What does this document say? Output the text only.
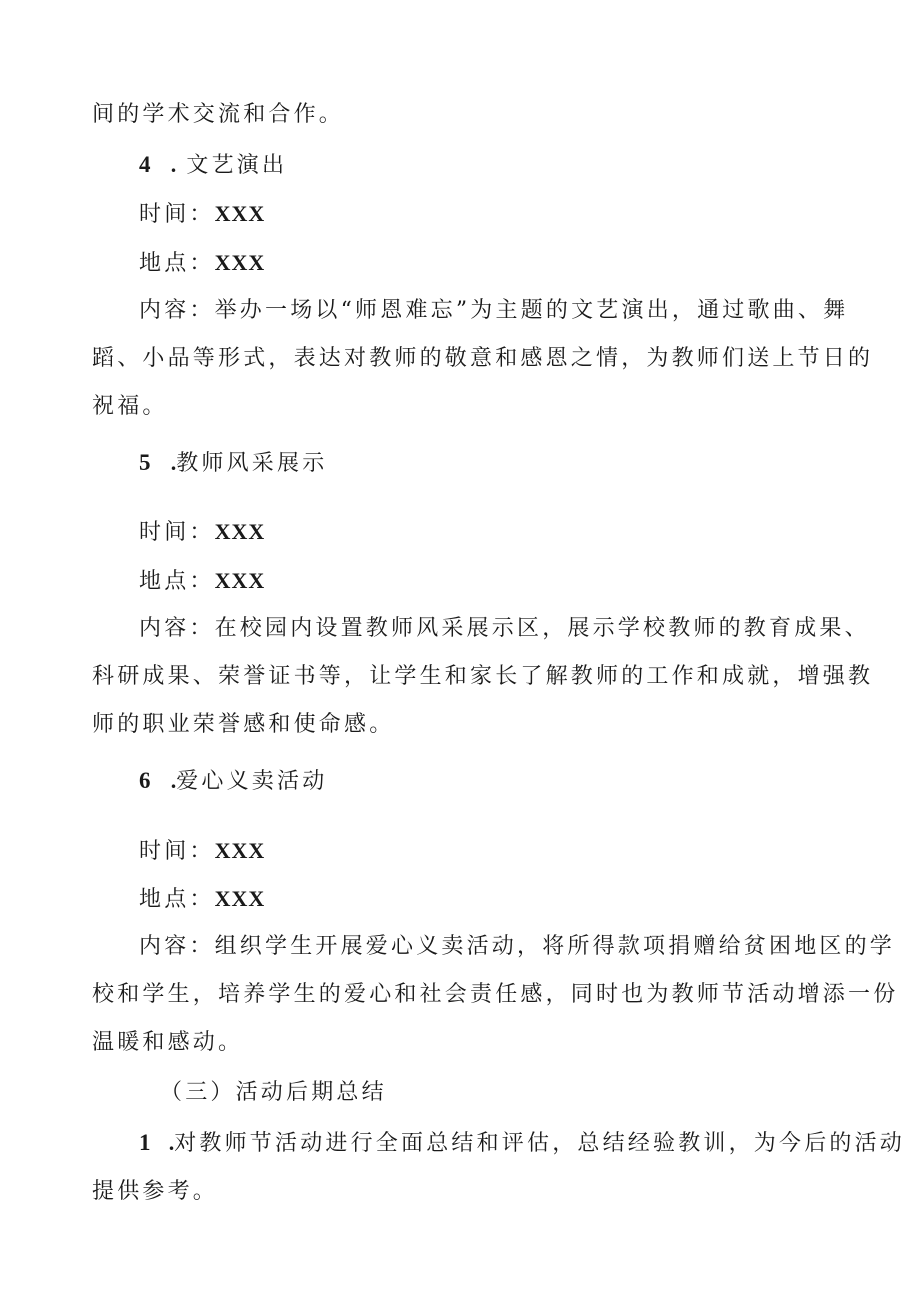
间的学术交流和合作。
4 . 文艺演出
时间：XXX
地点：XXX
内容：举办一场以“师恩难忘”为主题的文艺演出，通过歌曲、舞
蹈、小品等形式，表达对教师的敬意和感恩之情，为教师们送上节日的
祝福。
5 .教师风采展示
时间：XXX
地点：XXX
内容：在校园内设置教师风采展示区，展示学校教师的教育成果、
科研成果、荣誉证书等，让学生和家长了解教师的工作和成就，增强教
师的职业荣誉感和使命感。
6 .爱心义卖活动
时间：XXX
地点：XXX
内容：组织学生开展爱心义卖活动，将所得款项捐赠给贫困地区的学
校和学生，培养学生的爱心和社会责任感，同时也为教师节活动增添一份
温暖和感动。
（三）活动后期总结
1 .对教师节活动进行全面总结和评估，总结经验教训，为今后的活动
提供参考。
